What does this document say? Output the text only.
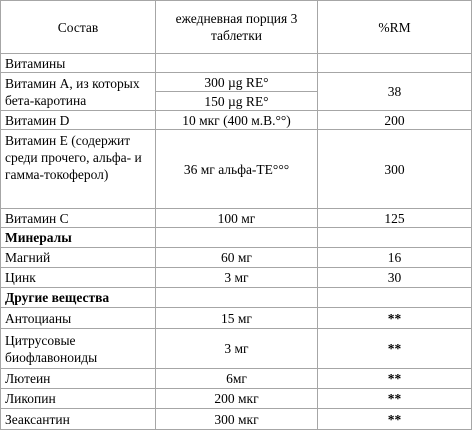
Состав	ежедневная порция 3 таблетки	%RM
Витамины		
Витамин А, из которых бета-каротина	300 µg RE°	38
	150 µg RE°	
Витамин D	10 мкг (400 м.В.°°)	200
Витамин Е (содержит среди прочего, альфа- и гамма-токоферол)	36 мг альфа-TE°°°	300
Витамин С	100 мг	125
Минералы		
Магний	60 мг	16
Цинк	3 мг	30
Другие вещества		
Антоцианы	15 мг	**
Цитрусовые биофлавоноиды	3 мг	**
Лютеин	6мг	**
Ликопин	200 мкг	**
Зеаксантин	300 мкг	**
